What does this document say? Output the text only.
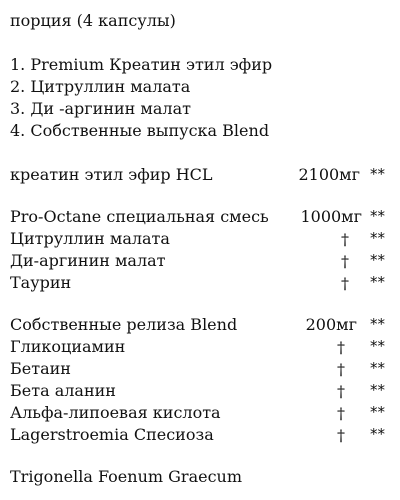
порция (4 капсулы)
1. Premium Креатин этил эфир
2. Цитруллин малата
3. Ди -аргинин малат
4. Собственные выпуска Blend
креатин этил эфир HCL	2100мг **
Pro-Octane специальная смесь	1000мг **
Цитруллин малата	† **
Ди-аргинин малат	† **
Таурин	† **
Собственные релиза Blend	200мг **
Гликоциамин	† **
Бетаин	† **
Бета аланин	† **
Альфа-липоевая кислота	† **
Lagerstroemia Спесиоза	† **
Trigonella Foenum Graecum
